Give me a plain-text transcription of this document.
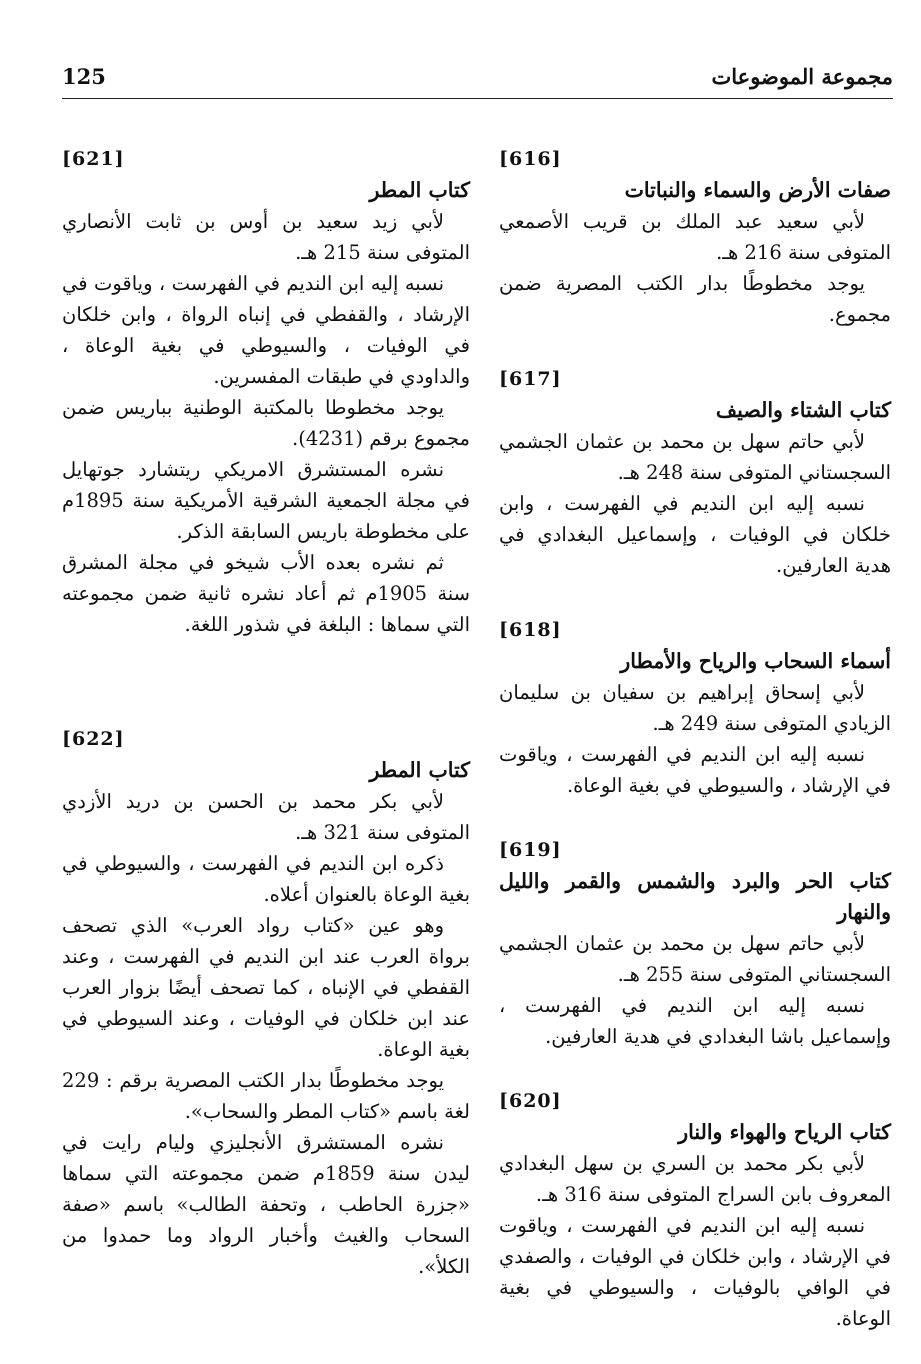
125	مجموعة الموضوعات
[616]

صفات الأرض والسماء والنباتات

لأبي سعيد عبد الملك بن قريب الأصمعي المتوفى سنة 216 هـ.

يوجد مخطوطًا بدار الكتب المصرية ضمن مجموع.

[617]

كتاب الشتاء والصيف

لأبي حاتم سهل بن محمد بن عثمان الجشمي السجستاني المتوفى سنة 248 هـ.

نسبه إليه ابن النديم في الفهرست ، وابن خلكان في الوفيات ، وإسماعيل البغدادي في هدية العارفين.

[618]

أسماء السحاب والرياح والأمطار

لأبي إسحاق إبراهيم بن سفيان بن سليمان الزيادي المتوفى سنة 249 هـ.

نسبه إليه ابن النديم في الفهرست ، وياقوت في الإرشاد ، والسيوطي في بغية الوعاة.

[619]

كتاب الحر والبرد والشمس والقمر والليل والنهار

لأبي حاتم سهل بن محمد بن عثمان الجشمي السجستاني المتوفى سنة 255 هـ.

نسبه إليه ابن النديم في الفهرست ، وإسماعيل باشا البغدادي في هدية العارفين.

[620]

كتاب الرياح والهواء والنار

لأبي بكر محمد بن السري بن سهل البغدادي المعروف بابن السراج المتوفى سنة 316 هـ.

نسبه إليه ابن النديم في الفهرست ، وياقوت في الإرشاد ، وابن خلكان في الوفيات ، والصفدي في الوافي بالوفيات ، والسيوطي في بغية الوعاة.

[621]

كتاب المطر

لأبي زيد سعيد بن أوس بن ثابت الأنصاري المتوفى سنة 215 هـ.

نسبه إليه ابن النديم في الفهرست ، وياقوت في الإرشاد ، والقفطي في إنباه الرواة ، وابن خلكان في الوفيات ، والسيوطي في بغية الوعاة ، والداودي في طبقات المفسرين.

يوجد مخطوطا بالمكتبة الوطنية بباريس ضمن مجموع برقم (4231).

نشره المستشرق الامريكي ريتشارد جوتهايل في مجلة الجمعية الشرقية الأمريكية سنة 1895م على مخطوطة باريس السابقة الذكر.

ثم نشره بعده الأب شيخو في مجلة المشرق سنة 1905م ثم أعاد نشره ثانية ضمن مجموعته التي سماها : البلغة في شذور اللغة.

[622]

كتاب المطر

لأبي بكر محمد بن الحسن بن دريد الأزدي المتوفى سنة 321 هـ.

ذكره ابن النديم في الفهرست ، والسيوطي في بغية الوعاة بالعنوان أعلاه.

وهو عين «كتاب رواد العرب» الذي تصحف برواة العرب عند ابن النديم في الفهرست ، وعند القفطي في الإنباه ، كما تصحف أيضًا بزوار العرب عند ابن خلكان في الوفيات ، وعند السيوطي في بغية الوعاة.

يوجد مخطوطًا بدار الكتب المصرية برقم : 229 لغة باسم «كتاب المطر والسحاب».

نشره المستشرق الأنجليزي وليام رايت في ليدن سنة 1859م ضمن مجموعته التي سماها «جزرة الحاطب ، وتحفة الطالب» باسم «صفة السحاب والغيث وأخبار الرواد وما حمدوا من الكلأ».
